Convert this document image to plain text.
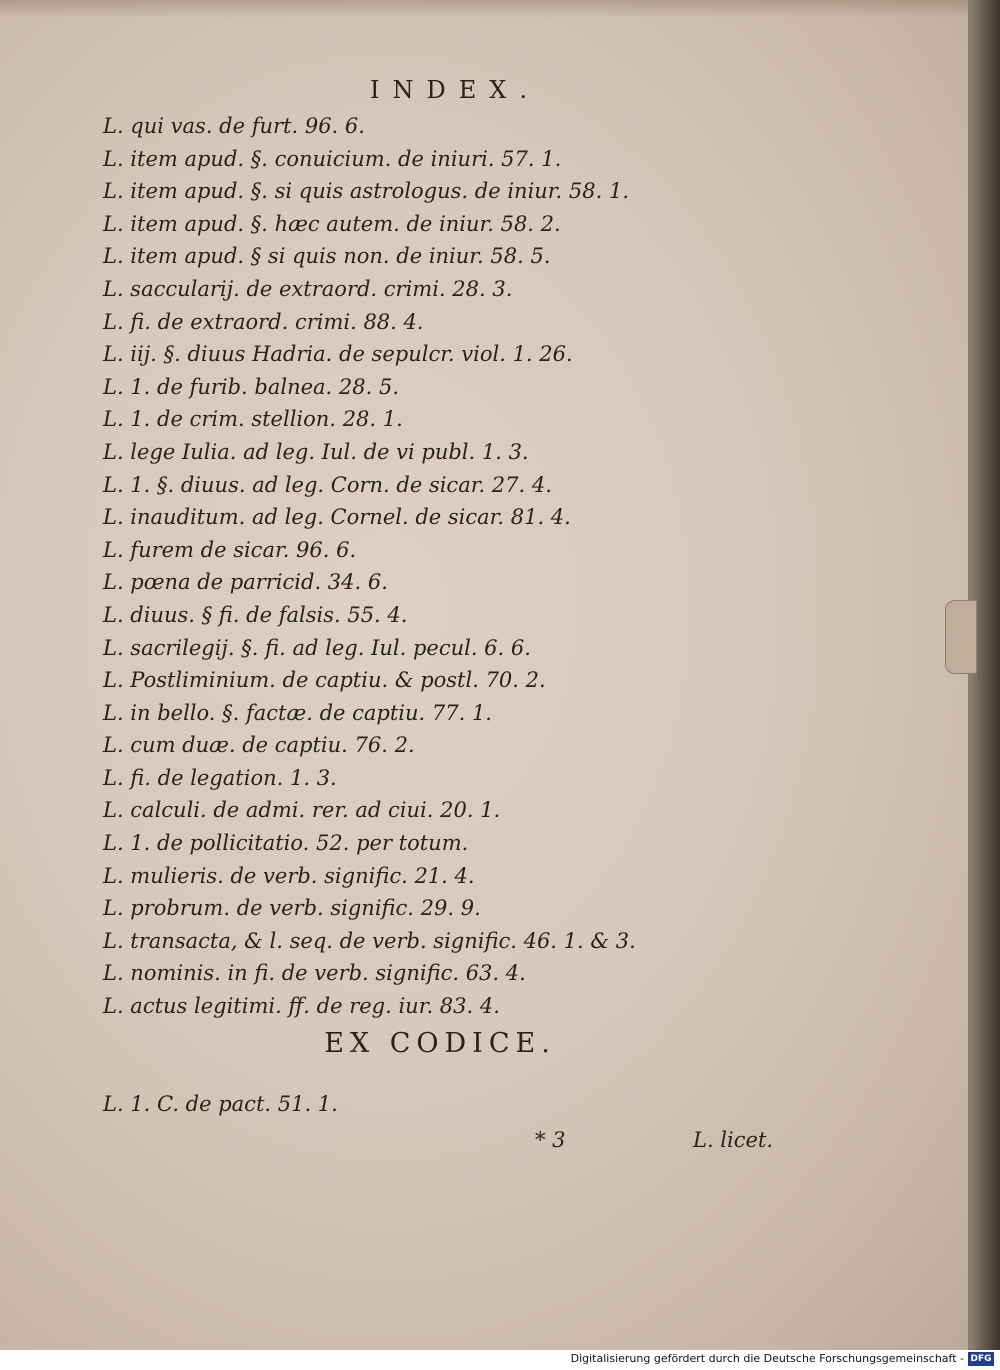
INDEX.
L. qui vas. de furt. 96. 6.
L. item apud. §. conuicium. de iniuri. 57. 1.
L. item apud. §. si quis astrologus. de iniur. 58. 1.
L. item apud. §. hæc autem. de iniur. 58. 2.
L. item apud. § si quis non. de iniur. 58. 5.
L. saccularij. de extraord. crimi. 28. 3.
L. fi. de extraord. crimi. 88. 4.
L. iij. §. diuus Hadria. de sepulcr. viol. 1. 26.
L. 1. de furib. balnea. 28. 5.
L. 1. de crim. stellion. 28. 1.
L. lege Iulia. ad leg. Iul. de vi publ. 1. 3.
L. 1. §. diuus. ad leg. Corn. de sicar. 27. 4.
L. inauditum. ad leg. Cornel. de sicar. 81. 4.
L. furem de sicar. 96. 6.
L. pœna de parricid. 34. 6.
L. diuus. § fi. de falsis. 55. 4.
L. sacrilegij. §. fi. ad leg. Iul. pecul. 6. 6.
L. Postliminium. de captiu. & postl. 70. 2.
L. in bello. §. factæ. de captiu. 77. 1.
L. cum duæ. de captiu. 76. 2.
L. fi. de legation. 1. 3.
L. calculi. de admi. rer. ad ciui. 20. 1.
L. 1. de pollicitatio. 52. per totum.
L. mulieris. de verb. signific. 21. 4.
L. probrum. de verb. signific. 29. 9.
L. transacta, & l. seq. de verb. signific. 46. 1. & 3.
L. nominis. in fi. de verb. signific. 63. 4.
L. actus legitimi. ff. de reg. iur. 83. 4.
EX CODICE.
L. 1. C. de pact. 51. 1.
* 3	L. licet.
Digitalisierung gefördert durch die Deutsche Forschungsgemeinschaft - DFG
